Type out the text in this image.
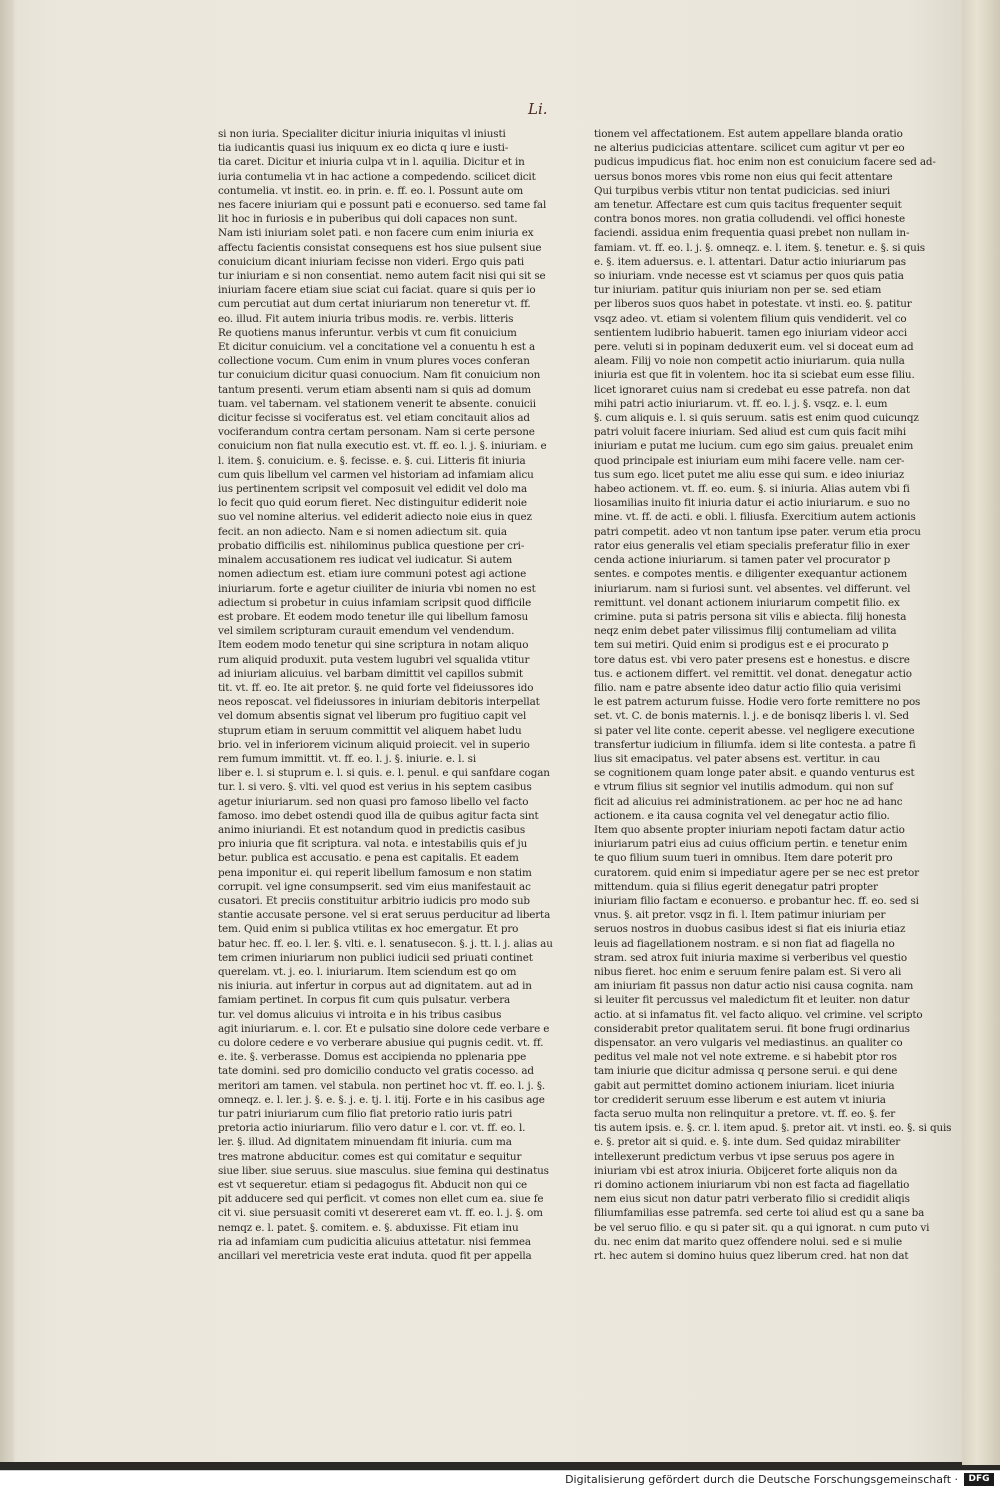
Li.

si non iuria. Specialiter dicitur iniuria iniquitas vl iniusti

tia iudicantis quasi ius iniquum ex eo dicta q iure e iusti-

tia caret. Dicitur et iniuria culpa vt in l. aquilia. Dicitur et in

iuria contumelia vt in hac actione a compedendo. scilicet dicit

contumelia. vt instit. eo. in prin. e. ff. eo. l. Possunt aute om

nes facere iniuriam qui e possunt pati e econuerso. sed tame fal

lit hoc in furiosis e in puberibus qui doli capaces non sunt.

Nam isti iniuriam solet pati. e non facere cum enim iniuria ex

affectu facientis consistat consequens est hos siue pulsent siue

conuicium dicant iniuriam fecisse non videri. Ergo quis pati

tur iniuriam e si non consentiat. nemo autem facit nisi qui sit se

iniuriam facere etiam siue sciat cui faciat. quare si quis per io

cum percutiat aut dum certat iniuriarum non teneretur vt. ff.

eo. illud. Fit autem iniuria tribus modis. re. verbis. litteris

Re quotiens manus inferuntur. verbis vt cum fit conuicium

Et dicitur conuicium. vel a concitatione vel a conuentu h est a

collectione vocum. Cum enim in vnum plures voces conferan

tur conuicium dicitur quasi conuocium. Nam fit conuicium non

tantum presenti. verum etiam absenti nam si quis ad domum

tuam. vel tabernam. vel stationem venerit te absente. conuicii

dicitur fecisse si vociferatus est. vel etiam concitauit alios ad

vociferandum contra certam personam. Nam si certe persone

conuicium non fiat nulla executio est. vt. ff. eo. l. j. §. iniuriam. e

l. item. §. conuicium. e. §. fecisse. e. §. cui. Litteris fit iniuria

cum quis libellum vel carmen vel historiam ad infamiam alicu

ius pertinentem scripsit vel composuit vel edidit vel dolo ma

lo fecit quo quid eorum fieret. Nec distinguitur ediderit noie

suo vel nomine alterius. vel ediderit adiecto noie eius in quez

fecit. an non adiecto. Nam e si nomen adiectum sit. quia

probatio difficilis est. nihilominus publica questione per cri-

minalem accusationem res iudicat vel iudicatur. Si autem

nomen adiectum est. etiam iure communi potest agi actione

iniuriarum. forte e agetur ciuiliter de iniuria vbi nomen no est

adiectum si probetur in cuius infamiam scripsit quod difficile

est probare. Et eodem modo tenetur ille qui libellum famosu

vel similem scripturam curauit emendum vel vendendum.

Item eodem modo tenetur qui sine scriptura in notam aliquo

rum aliquid produxit. puta vestem lugubri vel squalida vtitur

ad iniuriam alicuius. vel barbam dimittit vel capillos submit

tit. vt. ff. eo. Ite ait pretor. §. ne quid forte vel fideiussores ido

neos reposcat. vel fideiussores in iniuriam debitoris interpellat

vel domum absentis signat vel liberum pro fugitiuo capit vel

stuprum etiam in seruum committit vel aliquem habet ludu

brio. vel in inferiorem vicinum aliquid proiecit. vel in superio

rem fumum immittit. vt. ff. eo. l. j. §. iniurie. e. l. si

liber e. l. si stuprum e. l. si quis. e. l. penul. e qui sanfdare cogan

tur. l. si vero. §. vlti. vel quod est verius in his septem casibus

agetur iniuriarum. sed non quasi pro famoso libello vel facto

famoso. imo debet ostendi quod illa de quibus agitur facta sint

animo iniuriandi. Et est notandum quod in predictis casibus

pro iniuria que fit scriptura. val nota. e intestabilis quis ef ju

betur. publica est accusatio. e pena est capitalis. Et eadem

pena imponitur ei. qui reperit libellum famosum e non statim

corrupit. vel igne consumpserit. sed vim eius manifestauit ac

cusatori. Et preciis constituitur arbitrio iudicis pro modo sub

stantie accusate persone. vel si erat seruus perducitur ad liberta

tem. Quid enim si publica vtilitas ex hoc emergatur. Et pro

batur hec. ff. eo. l. ler. §. vlti. e. l. senatusecon. §. j. tt. l. j. alias au

tem crimen iniuriarum non publici iudicii sed priuati continet

querelam. vt. j. eo. l. iniuriarum. Item sciendum est qo om

nis iniuria. aut infertur in corpus aut ad dignitatem. aut ad in

famiam pertinet. In corpus fit cum quis pulsatur. verbera

tur. vel domus alicuius vi introita e in his tribus casibus

agit iniuriarum. e. l. cor. Et e pulsatio sine dolore cede verbare e

cu dolore cedere e vo verberare abusiue qui pugnis cedit. vt. ff.

e. ite. §. verberasse. Domus est accipienda no pplenaria ppe

tate domini. sed pro domicilio conducto vel gratis cocesso. ad

meritori am tamen. vel stabula. non pertinet hoc vt. ff. eo. l. j. §.

omneqz. e. l. ler. j. §. e. §. j. e. tj. l. itij. Forte e in his casibus age

tur patri iniuriarum cum filio fiat pretorio ratio iuris patri

pretoria actio iniuriarum. filio vero datur e l. cor. vt. ff. eo. l.

ler. §. illud. Ad dignitatem minuendam fit iniuria. cum ma

tres matrone abducitur. comes est qui comitatur e sequitur

siue liber. siue seruus. siue masculus. siue femina qui destinatus

est vt sequeretur. etiam si pedagogus fit. Abducit non qui ce

pit adducere sed qui perficit. vt comes non ellet cum ea. siue fe

cit vi. siue persuasit comiti vt desereret eam vt. ff. eo. l. j. §. om

nemqz e. l. patet. §. comitem. e. §. abduxisse. Fit etiam inu

ria ad infamiam cum pudicitia alicuius attetatur. nisi femmea

ancillari vel meretricia veste erat induta. quod fit per appella

tionem vel affectationem. Est autem appellare blanda oratio

ne alterius pudicicias attentare. scilicet cum agitur vt per eo

pudicus impudicus fiat. hoc enim non est conuicium facere sed ad-

uersus bonos mores vbis rome non eius qui fecit attentare

Qui turpibus verbis vtitur non tentat pudicicias. sed iniuri

am tenetur. Affectare est cum quis tacitus frequenter sequit

contra bonos mores. non gratia colludendi. vel offici honeste

faciendi. assidua enim frequentia quasi prebet non nullam in-

famiam. vt. ff. eo. l. j. §. omneqz. e. l. item. §. tenetur. e. §. si quis

e. §. item aduersus. e. l. attentari. Datur actio iniuriarum pas

so iniuriam. vnde necesse est vt sciamus per quos quis patia

tur iniuriam. patitur quis iniuriam non per se. sed etiam

per liberos suos quos habet in potestate. vt insti. eo. §. patitur

vsqz adeo. vt. etiam si volentem filium quis vendiderit. vel co

sentientem ludibrio habuerit. tamen ego iniuriam videor acci

pere. veluti si in popinam deduxerit eum. vel si doceat eum ad

aleam. Filij vo noie non competit actio iniuriarum. quia nulla

iniuria est que fit in volentem. hoc ita si sciebat eum esse filiu.

licet ignoraret cuius nam si credebat eu esse patrefa. non dat

mihi patri actio iniuriarum. vt. ff. eo. l. j. §. vsqz. e. l. eum

§. cum aliquis e. l. si quis seruum. satis est enim quod cuicunqz

patri voluit facere iniuriam. Sed aliud est cum quis facit mihi

iniuriam e putat me lucium. cum ego sim gaius. preualet enim

quod principale est iniuriam eum mihi facere velle. nam cer-

tus sum ego. licet putet me aliu esse qui sum. e ideo iniuriaz

habeo actionem. vt. ff. eo. eum. §. si iniuria. Alias autem vbi fi

liosamilias inuito fit iniuria datur ei actio iniuriarum. e suo no

mine. vt. ff. de acti. e obli. l. filiusfa. Exercitium autem actionis

patri competit. adeo vt non tantum ipse pater. verum etia procu

rator eius generalis vel etiam specialis preferatur filio in exer

cenda actione iniuriarum. si tamen pater vel procurator p

sentes. e compotes mentis. e diligenter exequantur actionem

iniuriarum. nam si furiosi sunt. vel absentes. vel differunt. vel

remittunt. vel donant actionem iniuriarum competit filio. ex

crimine. puta si patris persona sit vilis e abiecta. filij honesta

neqz enim debet pater vilissimus filij contumeliam ad vilita

tem sui metiri. Quid enim si prodigus est e ei procurato p

tore datus est. vbi vero pater presens est e honestus. e discre

tus. e actionem differt. vel remittit. vel donat. denegatur actio

filio. nam e patre absente ideo datur actio filio quia verisimi

le est patrem acturum fuisse. Hodie vero forte remittere no pos

set. vt. C. de bonis maternis. l. j. e de bonisqz liberis l. vl. Sed

si pater vel lite conte. ceperit abesse. vel negligere executione

transfertur iudicium in filiumfa. idem si lite contesta. a patre fi

lius sit emacipatus. vel pater absens est. vertitur. in cau

se cognitionem quam longe pater absit. e quando venturus est

e vtrum filius sit segnior vel inutilis admodum. qui non suf

ficit ad alicuius rei administrationem. ac per hoc ne ad hanc

actionem. e ita causa cognita vel vel denegatur actio filio.

Item quo absente propter iniuriam nepoti factam datur actio

iniuriarum patri eius ad cuius officium pertin. e tenetur enim

te quo filium suum tueri in omnibus. Item dare poterit pro

curatorem. quid enim si impediatur agere per se nec est pretor

mittendum. quia si filius egerit denegatur patri propter

iniuriam filio factam e econuerso. e probantur hec. ff. eo. sed si

vnus. §. ait pretor. vsqz in fi. l. Item patimur iniuriam per

seruos nostros in duobus casibus idest si fiat eis iniuria etiaz

leuis ad fiagellationem nostram. e si non fiat ad fiagella no

stram. sed atrox fuit iniuria maxime si verberibus vel questio

nibus fieret. hoc enim e seruum fenire palam est. Si vero ali

am iniuriam fit passus non datur actio nisi causa cognita. nam

si leuiter fit percussus vel maledictum fit et leuiter. non datur

actio. at si infamatus fit. vel facto aliquo. vel crimine. vel scripto

considerabit pretor qualitatem serui. fit bone frugi ordinarius

dispensator. an vero vulgaris vel mediastinus. an qualiter co

peditus vel male not vel note extreme. e si habebit ptor ros

tam iniurie que dicitur admissa q persone serui. e qui dene

gabit aut permittet domino actionem iniuriam. licet iniuria

tor crediderit seruum esse liberum e est autem vt iniuria

facta seruo multa non relinquitur a pretore. vt. ff. eo. §. fer

tis autem ipsis. e. §. cr. l. item apud. §. pretor ait. vt insti. eo. §. si quis

e. §. pretor ait si quid. e. §. inte dum. Sed quidaz mirabiliter

intellexerunt predictum verbus vt ipse seruus pos agere in

iniuriam vbi est atrox iniuria. Obijceret forte aliquis non da

ri domino actionem iniuriarum vbi non est facta ad fiagellatio

nem eius sicut non datur patri verberato filio si credidit aliqis

filiumfamilias esse patremfa. sed certe toi aliud est qu a sane ba

be vel seruo filio. e qu si pater sit. qu a qui ignorat. n cum puto vi

du. nec enim dat marito quez offendere nolui. sed e si mulie

rt. hec autem si domino huius quez liberum cred. hat non dat

Digitalisierung gefördert durch die Deutsche Forschungsgemeinschaft ·	DFG
